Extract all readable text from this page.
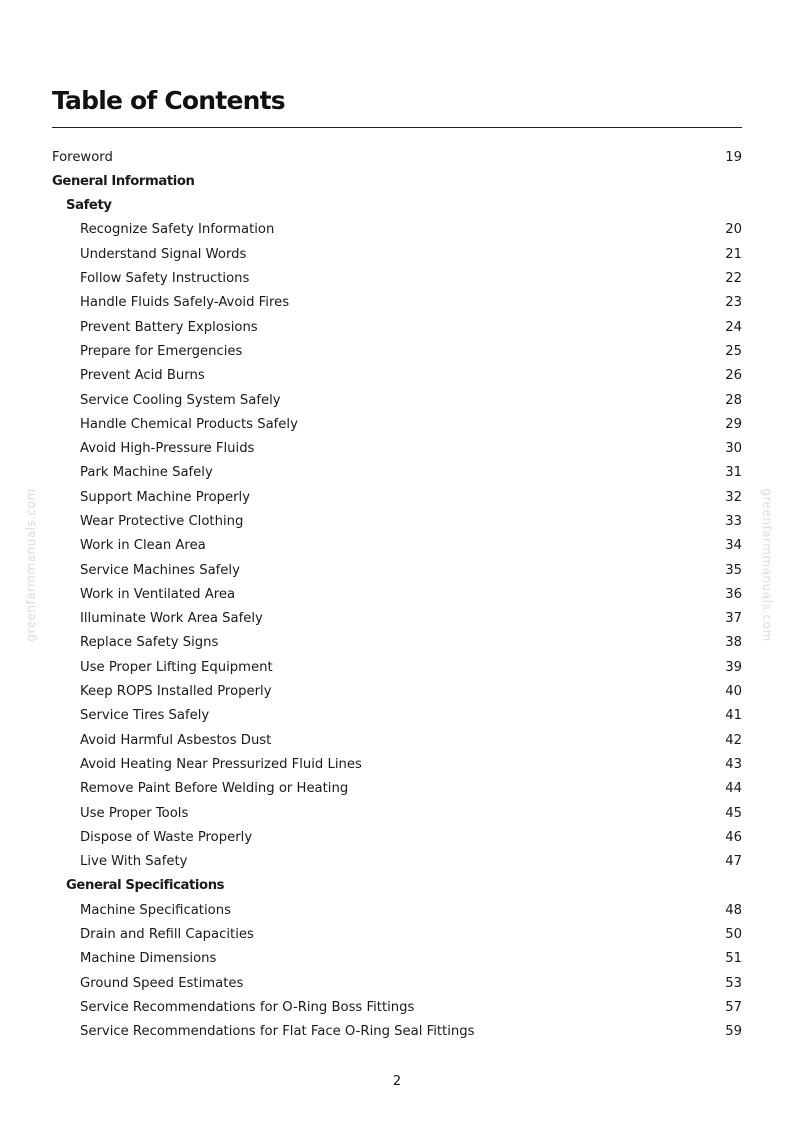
Table of Contents
Foreword	19
General Information
Safety
Recognize Safety Information	20
Understand Signal Words	21
Follow Safety Instructions	22
Handle Fluids Safely-Avoid Fires	23
Prevent Battery Explosions	24
Prepare for Emergencies	25
Prevent Acid Burns	26
Service Cooling System Safely	28
Handle Chemical Products Safely	29
Avoid High-Pressure Fluids	30
Park Machine Safely	31
Support Machine Properly	32
Wear Protective Clothing	33
Work in Clean Area	34
Service Machines Safely	35
Work in Ventilated Area	36
Illuminate Work Area Safely	37
Replace Safety Signs	38
Use Proper Lifting Equipment	39
Keep ROPS Installed Properly	40
Service Tires Safely	41
Avoid Harmful Asbestos Dust	42
Avoid Heating Near Pressurized Fluid Lines	43
Remove Paint Before Welding or Heating	44
Use Proper Tools	45
Dispose of Waste Properly	46
Live With Safety	47
General Specifications
Machine Specifications	48
Drain and Refill Capacities	50
Machine Dimensions	51
Ground Speed Estimates	53
Service Recommendations for O-Ring Boss Fittings	57
Service Recommendations for Flat Face O-Ring Seal Fittings	59
greenfarmmanuals.com	greenfarmmanuals.com
2
